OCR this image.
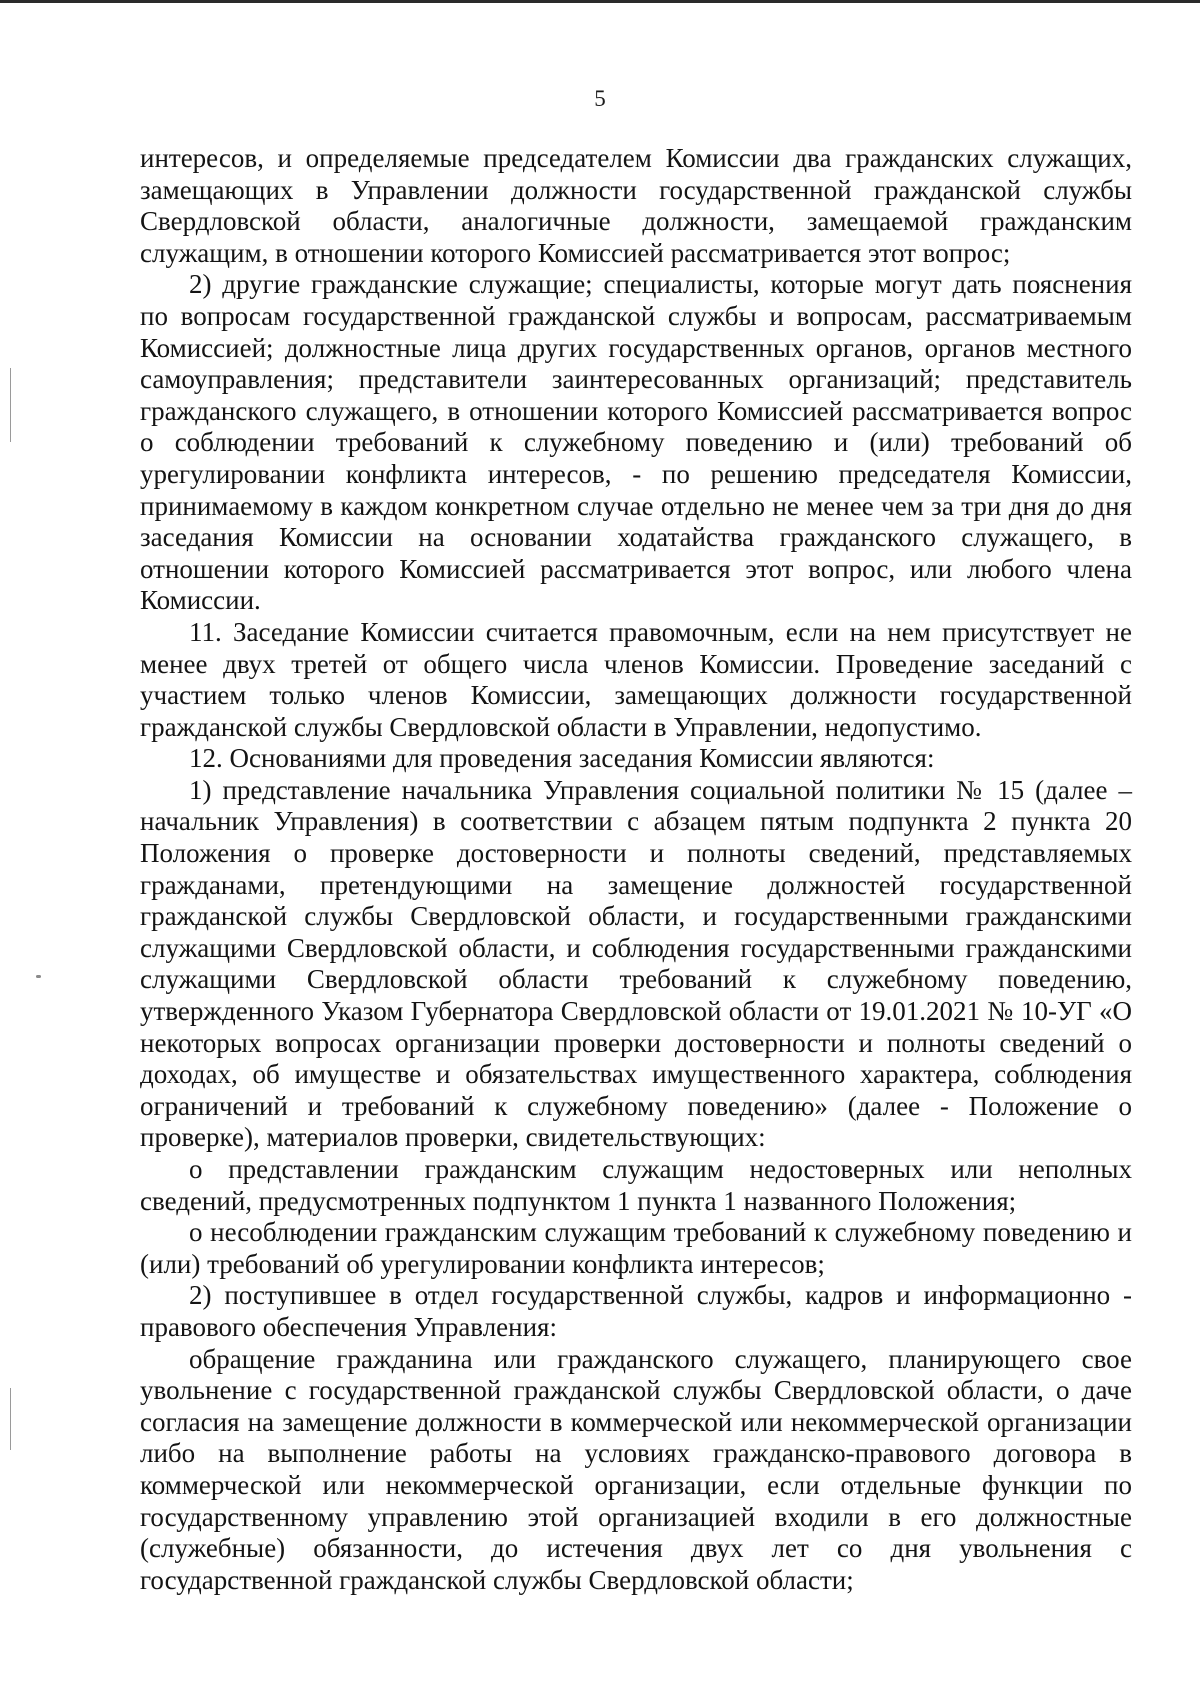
5

интересов, и определяемые председателем Комиссии два гражданских служащих, замещающих в Управлении должности государственной гражданской службы Свердловской области, аналогичные должности, замещаемой гражданским служащим, в отношении которого Комиссией рассматривается этот вопрос;

2) другие гражданские служащие; специалисты, которые могут дать пояснения по вопросам государственной гражданской службы и вопросам, рассматриваемым Комиссией; должностные лица других государственных органов, органов местного самоуправления; представители заинтересованных организаций; представитель гражданского служащего, в отношении которого Комиссией рассматривается вопрос о соблюдении требований к служебному поведению и (или) требований об урегулировании конфликта интересов, - по решению председателя Комиссии, принимаемому в каждом конкретном случае отдельно не менее чем за три дня до дня заседания Комиссии на основании ходатайства гражданского служащего, в отношении которого Комиссией рассматривается этот вопрос, или любого члена Комиссии.

11. Заседание Комиссии считается правомочным, если на нем присутствует не менее двух третей от общего числа членов Комиссии. Проведение заседаний с участием только членов Комиссии, замещающих должности государственной гражданской службы Свердловской области в Управлении, недопустимо.

12. Основаниями для проведения заседания Комиссии являются:

1) представление начальника Управления социальной политики № 15 (далее – начальник Управления) в соответствии с абзацем пятым подпункта 2 пункта 20 Положения о проверке достоверности и полноты сведений, представляемых гражданами, претендующими на замещение должностей государственной гражданской службы Свердловской области, и государственными гражданскими служащими Свердловской области, и соблюдения государственными гражданскими служащими Свердловской области требований к служебному поведению, утвержденного Указом Губернатора Свердловской области от 19.01.2021 № 10-УГ «О некоторых вопросах организации проверки достоверности и полноты сведений о доходах, об имуществе и обязательствах имущественного характера, соблюдения ограничений и требований к служебному поведению» (далее - Положение о проверке), материалов проверки, свидетельствующих:

о представлении гражданским служащим недостоверных или неполных сведений, предусмотренных подпунктом 1 пункта 1 названного Положения;

о несоблюдении гражданским служащим требований к служебному поведению и (или) требований об урегулировании конфликта интересов;

2) поступившее в отдел государственной службы, кадров и информационно - правового обеспечения Управления:

обращение гражданина или гражданского служащего, планирующего свое увольнение с государственной гражданской службы Свердловской области, о даче согласия на замещение должности в коммерческой или некоммерческой организации либо на выполнение работы на условиях гражданско-правового договора в коммерческой или некоммерческой организации, если отдельные функции по государственному управлению этой организацией входили в его должностные (служебные) обязанности, до истечения двух лет со дня увольнения с государственной гражданской службы Свердловской области;
